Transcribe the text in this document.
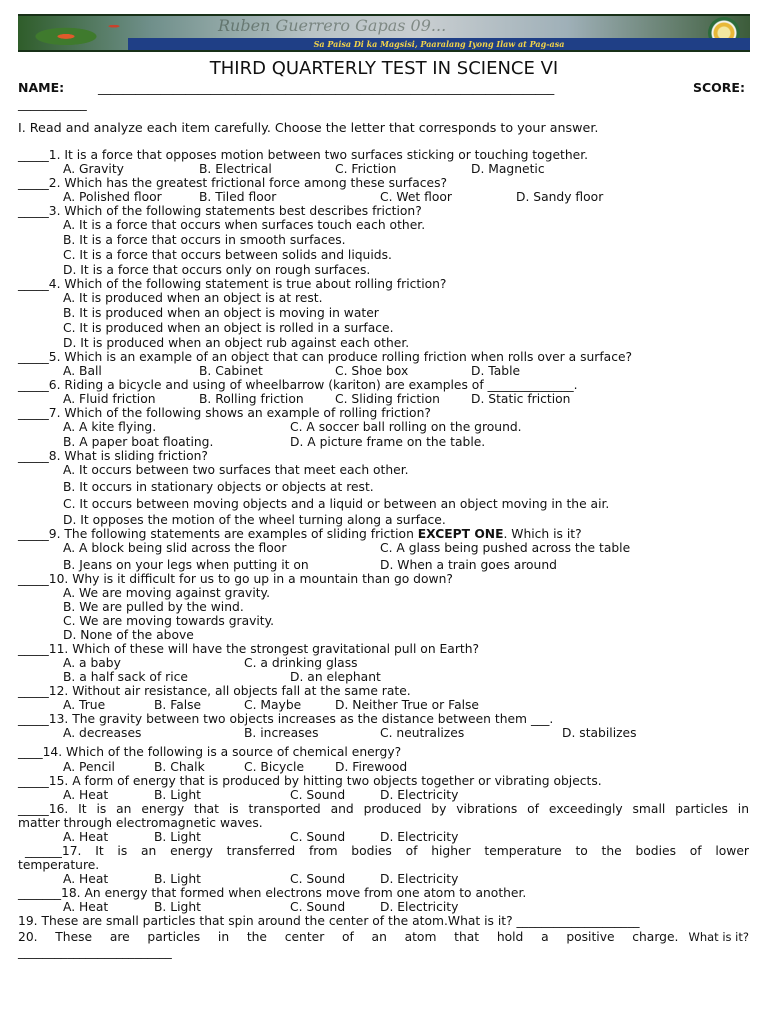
Ruben Guerrero Gapas 09...
Sa Paisa Di ka Magsisi, Paaralang Iyong Ilaw at Pag-asa
THIRD QUARTERLY TEST IN SCIENCE VI
NAME:	_________________________________________________________________________	SCORE:
___________
I. Read and analyze each item carefully. Choose the letter that corresponds to your answer.
_____1. It is a force that opposes motion between two surfaces sticking or touching together.
A. Gravity	B. Electrical	C. Friction	D. Magnetic
_____2. Which has the greatest frictional force among these surfaces?
A. Polished floor	B. Tiled floor	C. Wet floor	D. Sandy floor
_____3. Which of the following statements best describes friction?
A. It is a force that occurs when surfaces touch each other.
B. It is a force that occurs in smooth surfaces.
C. It is a force that occurs between solids and liquids.
D. It is a force that occurs only on rough surfaces.
_____4. Which of the following statement is true about rolling friction?
A. It is produced when an object is at rest.
B. It is produced when an object is moving in water
C. It is produced when an object is rolled in a surface.
D. It is produced when an object rub against each other.
_____5. Which is an example of an object that can produce rolling friction when rolls over a surface?
A. Ball	B. Cabinet	C. Shoe box	D. Table
_____6. Riding a bicycle and using of wheelbarrow (kariton) are examples of ______________.
A. Fluid friction	B. Rolling friction	C. Sliding friction	D. Static friction
_____7. Which of the following shows an example of rolling friction?
A. A kite flying.	C. A soccer ball rolling on the ground.
B. A paper boat floating.	D. A picture frame on the table.
_____8. What is sliding friction?
A. It occurs between two surfaces that meet each other.
B. It occurs in stationary objects or objects at rest.
C. It occurs between moving objects and a liquid or between an object moving in the air.
D. It opposes the motion of the wheel turning along a surface.
_____9. The following statements are examples of sliding friction EXCEPT ONE. Which is it?
A. A block being slid across the floor	C. A glass being pushed across the table
B. Jeans on your legs when putting it on	D. When a train goes around
_____10. Why is it difficult for us to go up in a mountain than go down?
A. We are moving against gravity.
B. We are pulled by the wind.
C. We are moving towards gravity.
D. None of the above
_____11. Which of these will have the strongest gravitational pull on Earth?
A. a baby	C. a drinking glass
B. a half sack of rice	D. an elephant
_____12. Without air resistance, all objects fall at the same rate.
A. True	B. False	C. Maybe	D. Neither True or False
_____13. The gravity between two objects increases as the distance between them ___.
A. decreases	B. increases	C. neutralizes	D. stabilizes
____14. Which of the following is a source of chemical energy?
A. Pencil	B. Chalk	C. Bicycle	D. Firewood
_____15. A form of energy that is produced by hitting two objects together or vibrating objects.
A. Heat	B. Light	C. Sound	D. Electricity
_____16. It is an energy that is transported and produced by vibrations of exceedingly small particles in
matter through electromagnetic waves.
A. Heat	B. Light	C. Sound	D. Electricity
______17. It is an energy transferred from bodies of higher temperature to the bodies of lower
temperature.
A. Heat	B. Light	C. Sound	D. Electricity
_______18. An energy that formed when electrons move from one atom to another.
A. Heat	B. Light	C. Sound	D. Electricity
19. These are small particles that spin around the center of the atom.What is it? ____________________
20. These are particles in the center of an atom that hold a positive charge. What is it?
_________________________
